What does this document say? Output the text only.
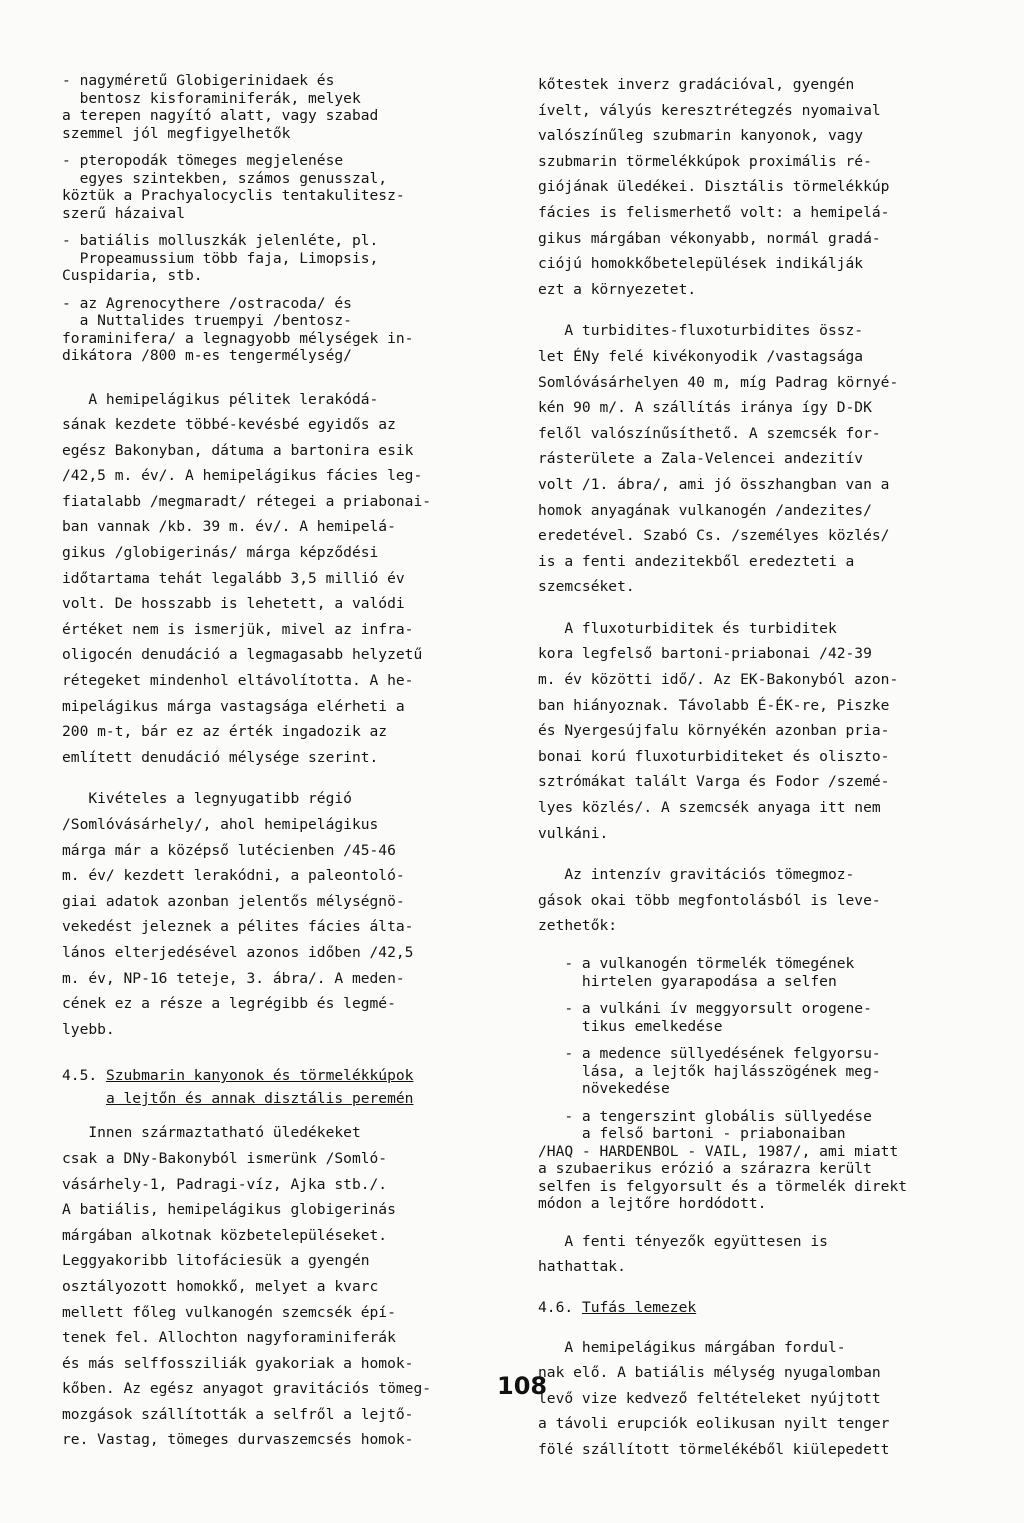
- nagyméretű Globigerinidaek és
bentosz kisforaminiferák, melyek
a terepen nagyító alatt, vagy szabad
szemmel jól megfigyelhetők

- pteropodák tömeges megjelenése
egyes szintekben, számos genusszal,
köztük a Prachyalocyclis tentakulitesz-
szerű házaival

- batiális molluszkák jelenléte, pl.
Propeamussium több faja, Limopsis,
Cuspidaria, stb.

- az Agrenocythere /ostracoda/ és
a Nuttalides truempyi /bentosz-
foraminifera/ a legnagyobb mélységek in-
dikátora /800 m-es tengermélység/

A hemipelágikus pélitek lerakódá-
sának kezdete többé-kevésbé egyidős az
egész Bakonyban, dátuma a bartonira esik
/42,5 m. év/. A hemipelágikus fácies leg-
fiatalabb /megmaradt/ rétegei a priabonai-
ban vannak /kb. 39 m. év/. A hemipelá-
gikus /globigerinás/ márga képződési
időtartama tehát legalább 3,5 millió év
volt. De hosszabb is lehetett, a valódi
értéket nem is ismerjük, mivel az infra-
oligocén denudáció a legmagasabb helyzetű
rétegeket mindenhol eltávolította. A he-
mipelágikus márga vastagsága elérheti a
200 m-t, bár ez az érték ingadozik az
említett denudáció mélysége szerint.

Kivételes a legnyugatibb régió
/Somlóvásárhely/, ahol hemipelágikus
márga már a középső lutécienben /45-46
m. év/ kezdett lerakódni, a paleontoló-
giai adatok azonban jelentős mélységnö-
vekedést jeleznek a pélites fácies álta-
lános elterjedésével azonos időben /42,5
m. év, NP-16 teteje, 3. ábra/. A meden-
cének ez a része a legrégibb és legmé-
lyebb.

4.5. Szubmarin kanyonok és törmelékkúpok

a lejtőn és annak disztális peremén

Innen származtatható üledékeket
csak a DNy-Bakonyból ismerünk /Somló-
vásárhely-1, Padragi-víz, Ajka stb./.
A batiális, hemipelágikus globigerinás
márgában alkotnak közbetelepüléseket.
Leggyakoribb litofáciesük a gyengén
osztályozott homokkő, melyet a kvarc
mellett főleg vulkanogén szemcsék épí-
tenek fel. Allochton nagyforaminiferák
és más selffossziliák gyakoriak a homok-
kőben. Az egész anyagot gravitációs tömeg-
mozgások szállították a selfről a lejtő-
re. Vastag, tömeges durvaszemcsés homok-

kőtestek inverz gradációval, gyengén
ívelt, vályús keresztrétegzés nyomaival
valószínűleg szubmarin kanyonok, vagy
szubmarin törmelékkúpok proximális ré-
giójának üledékei. Disztális törmelékkúp
fácies is felismerhető volt: a hemipelá-
gikus márgában vékonyabb, normál gradá-
ciójú homokkőbetelepülések indikálják
ezt a környezetet.

A turbidites-fluxoturbidites össz-
let ÉNy felé kivékonyodik /vastagsága
Somlóvásárhelyen 40 m, míg Padrag környé-
kén 90 m/. A szállítás iránya így D-DK
felől valószínűsíthető. A szemcsék for-
rásterülete a Zala-Velencei andezitív
volt /1. ábra/, ami jó összhangban van a
homok anyagának vulkanogén /andezites/
eredetével. Szabó Cs. /személyes közlés/
is a fenti andezitekből eredezteti a
szemcséket.

A fluxoturbiditek és turbiditek
kora legfelső bartoni-priabonai /42-39
m. év közötti idő/. Az EK-Bakonyból azon-
ban hiányoznak. Távolabb É-ÉK-re, Piszke
és Nyergesújfalu környékén azonban pria-
bonai korú fluxoturbiditeket és oliszto-
sztrómákat talált Varga és Fodor /szemé-
lyes közlés/. A szemcsék anyaga itt nem
vulkáni.

Az intenzív gravitációs tömegmoz-
gások okai több megfontolásból is leve-
zethetők:

- a vulkanogén törmelék tömegének
hirtelen gyarapodása a selfen

- a vulkáni ív meggyorsult orogene-
tikus emelkedése

- a medence süllyedésének felgyorsu-
lása, a lejtők hajlásszögének meg-
növekedése

- a tengerszint globális süllyedése
a felső bartoni - priabonaiban
/HAQ - HARDENBOL - VAIL, 1987/, ami miatt
a szubaerikus erózió a szárazra került
selfen is felgyorsult és a törmelék direkt
módon a lejtőre hordódott.

A fenti tényezők együttesen is
hathattak.

4.6. Tufás lemezek

A hemipelágikus márgában fordul-
nak elő. A batiális mélység nyugalomban
levő vize kedvező feltételeket nyújtott
a távoli erupciók eolikusan nyilt tenger
fölé szállított törmelékéből kiülepedett

108
